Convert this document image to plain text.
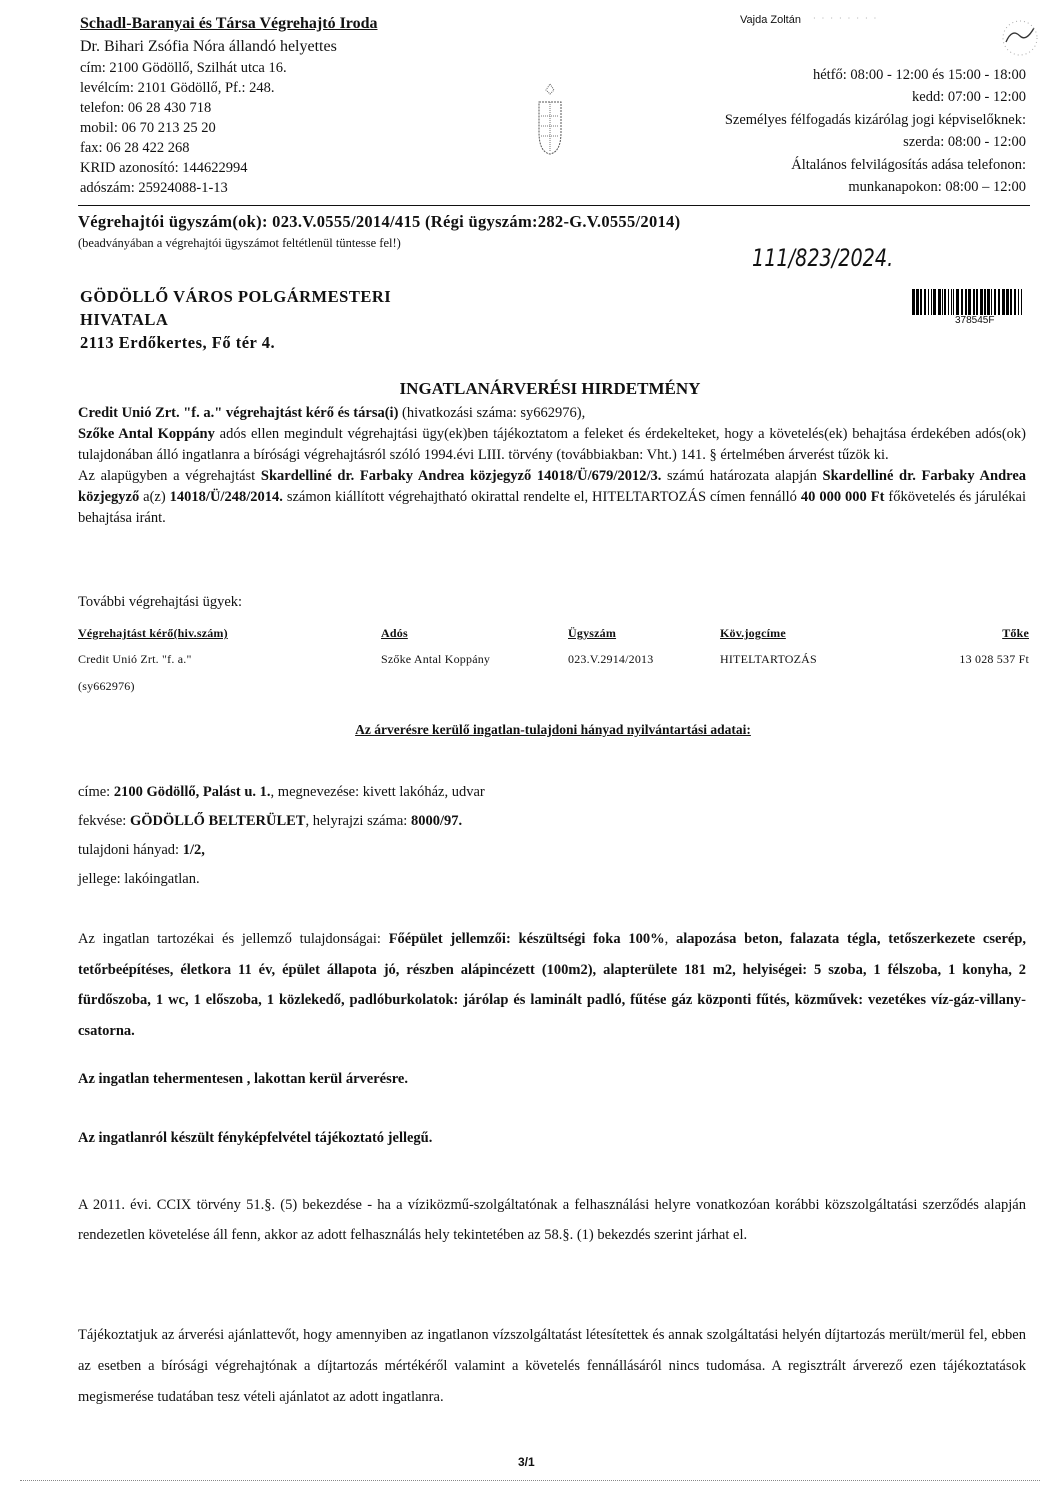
Schadl-Baranyai és Társa Végrehajtó Iroda
Dr. Bihari Zsófia Nóra állandó helyettes
cím: 2100 Gödöllő, Szilhát utca 16.
levélcím: 2101 Gödöllő, Pf.: 248.
telefon: 06 28 430 718
mobil: 06 70 213 25 20
fax: 06 28 422 268
KRID azonosító: 144622994
adószám: 25924088-1-13
Vajda Zoltán · · · · · · · ·
hétfő: 08:00 - 12:00 és 15:00 - 18:00
kedd: 07:00 - 12:00
Személyes félfogadás kizárólag jogi képviselőknek:
szerda: 08:00 - 12:00
Általános felvilágosítás adása telefonon:
munkanapokon: 08:00 – 12:00
Végrehajtói ügyszám(ok): 023.V.0555/2014/415 (Régi ügyszám:282-G.V.0555/2014)
(beadványában a végrehajtói ügyszámot feltétlenül tüntesse fel!)
111/823/2024.
GÖDÖLLŐ VÁROS POLGÁRMESTERI
HIVATALA
2113 Erdőkertes, Fő tér 4.
378545F
INGATLANÁRVERÉSI HIRDETMÉNY
Credit Unió Zrt. "f. a." végrehajtást kérő és társa(i) (hivatkozási száma: sy662976),
Szőke Antal Koppány adós ellen megindult végrehajtási ügy(ek)ben tájékoztatom a feleket és érdekelteket, hogy a követelés(ek) behajtása érdekében adós(ok) tulajdonában álló ingatlanra a bírósági végrehajtásról szóló 1994.évi LIII. törvény (továbbiakban: Vht.) 141. § értelmében árverést tűzök ki.
Az alapügyben a végrehajtást Skardelliné dr. Farbaky Andrea közjegyző 14018/Ü/679/2012/3. számú határozata alapján Skardelliné dr. Farbaky Andrea közjegyző a(z) 14018/Ü/248/2014. számon kiállított végrehajtható okirattal rendelte el, HITELTARTOZÁS címen fennálló 40 000 000 Ft főkövetelés és járulékai behajtása iránt.
További végrehajtási ügyek:
Végrehajtást kérő(hiv.szám)	Adós	Ügyszám	Köv.jogcíme	Tőke
Credit Unió Zrt. "f. a."	Szőke Antal Koppány	023.V.2914/2013	HITELTARTOZÁS	13 028 537 Ft
(sy662976)
Az árverésre kerülő ingatlan-tulajdoni hányad nyilvántartási adatai:
címe: 2100 Gödöllő, Palást u. 1., megnevezése: kivett lakóház, udvar
fekvése: GÖDÖLLŐ BELTERÜLET, helyrajzi száma: 8000/97.
tulajdoni hányad: 1/2,
jellege: lakóingatlan.
Az ingatlan tartozékai és jellemző tulajdonságai: Főépület jellemzői: készültségi foka 100%, alapozása beton, falazata tégla, tetőszerkezete cserép, tetőrbeépítéses, életkora 11 év, épület állapota jó, részben alápincézett (100m2), alapterülete 181 m2, helyiségei: 5 szoba, 1 félszoba, 1 konyha, 2 fürdőszoba, 1 wc, 1 előszoba, 1 közlekedő, padlóburkolatok: járólap és laminált padló, fűtése gáz központi fűtés, közművek: vezetékes víz-gáz-villany-csatorna.
Az ingatlan tehermentesen , lakottan kerül árverésre.
Az ingatlanról készült fényképfelvétel tájékoztató jellegű.
A 2011. évi. CCIX törvény 51.§. (5) bekezdése - ha a víziközmű-szolgáltatónak a felhasználási helyre vonatkozóan korábbi közszolgáltatási szerződés alapján rendezetlen követelése áll fenn, akkor az adott felhasználás hely tekintetében az 58.§. (1) bekezdés szerint járhat el.
Tájékoztatjuk az árverési ajánlattevőt, hogy amennyiben az ingatlanon vízszolgáltatást létesítettek és annak szolgáltatási helyén díjtartozás merült/merül fel, ebben az esetben a bírósági végrehajtónak a díjtartozás mértékéről valamint a követelés fennállásáról nincs tudomása. A regisztrált árverező ezen tájékoztatások megismerése tudatában tesz vételi ajánlatot az adott ingatlanra.
3/1
